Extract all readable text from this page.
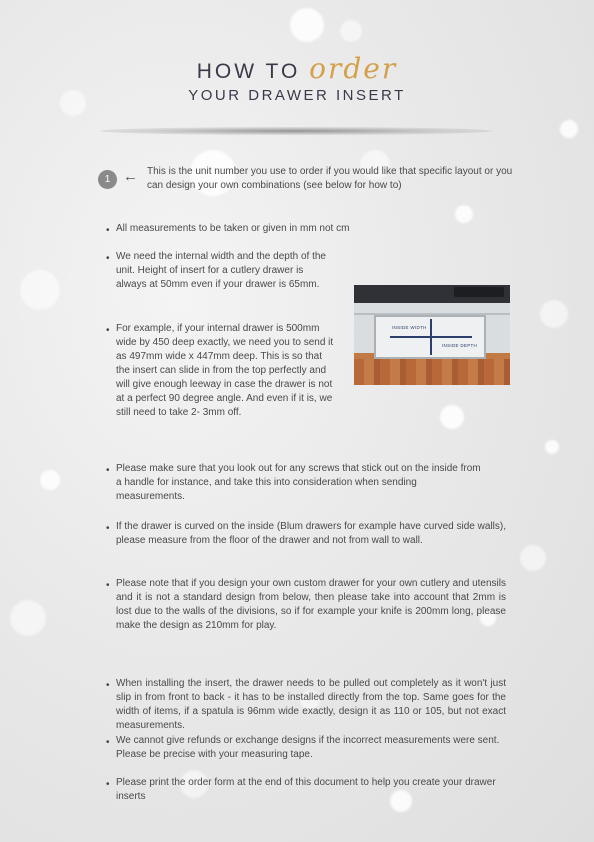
HOW TO order
YOUR DRAWER INSERT
1 ← This is the unit number you use to order if you would like that specific layout or you can design your own combinations (see below for how to)
•
All measurements to be taken or given in mm not cm
•
We need the internal width and the depth of the unit. Height of insert for a cutlery drawer is always at 50mm even if your drawer is 65mm.
•
For example, if your internal drawer is 500mm wide by 450 deep exactly, we need you to send it as 497mm wide x 447mm deep. This is so that the insert can slide in from the top perfectly and will give enough leeway in case the drawer is not at a perfect 90 degree angle. And even if it is, we still need to take 2- 3mm off.
•
Please make sure that you look out for any screws that stick out on the inside from a handle for instance, and take this into consideration when sending measurements.
•
If the drawer is curved on the inside (Blum drawers for example have curved side walls), please measure from the floor of the drawer and not from wall to wall.
•
Please note that if you design your own custom drawer for your own cutlery and utensils and it is not a standard design from below, then please take into account that 2mm is lost due to the walls of the divisions, so if for example your knife is 200mm long, please make the design as 210mm for play.
•
When installing the insert, the drawer needs to be pulled out completely as it won't just slip in from front to back - it has to be installed directly from the top. Same goes for the width of items, if a spatula is 96mm wide exactly, design it as 110 or 105, but not exact measurements.
•
We cannot give refunds or exchange designs if the incorrect measurements were sent. Please be precise with your measuring tape.
•
Please print the order form at the end of this document to help you create your drawer inserts
INSIDE WIDTH
INSIDE DEPTH
